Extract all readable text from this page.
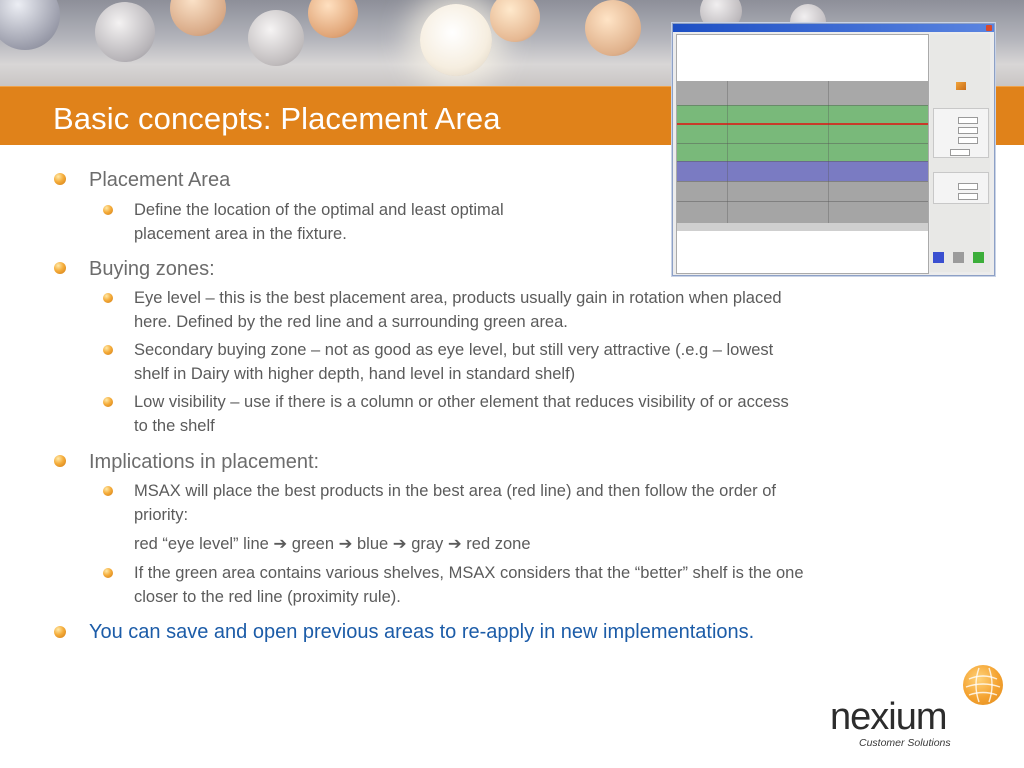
Basic concepts: Placement Area

Placement Area

Define the location of the optimal and least optimal

placement area in the fixture.

Buying zones:

Eye level – this is the best placement area, products usually gain in rotation when placed

here. Defined by the red line and a surrounding green area.

Secondary buying zone – not as good as eye level, but still very attractive (.e.g – lowest

shelf in Dairy with higher depth, hand level in standard shelf)

Low visibility – use if there is a column or other element that reduces visibility of or access

to the shelf

Implications in placement:

MSAX will place the best products in the best area (red line) and then follow the order of

priority:

red “eye level” line ➔ green ➔ blue ➔ gray ➔ red zone

If the green area contains various shelves, MSAX considers that the “better” shelf is the one

closer to the red line (proximity rule).

You can save and open previous areas to re-apply in new implementations.

nexium
Customer Solutions
